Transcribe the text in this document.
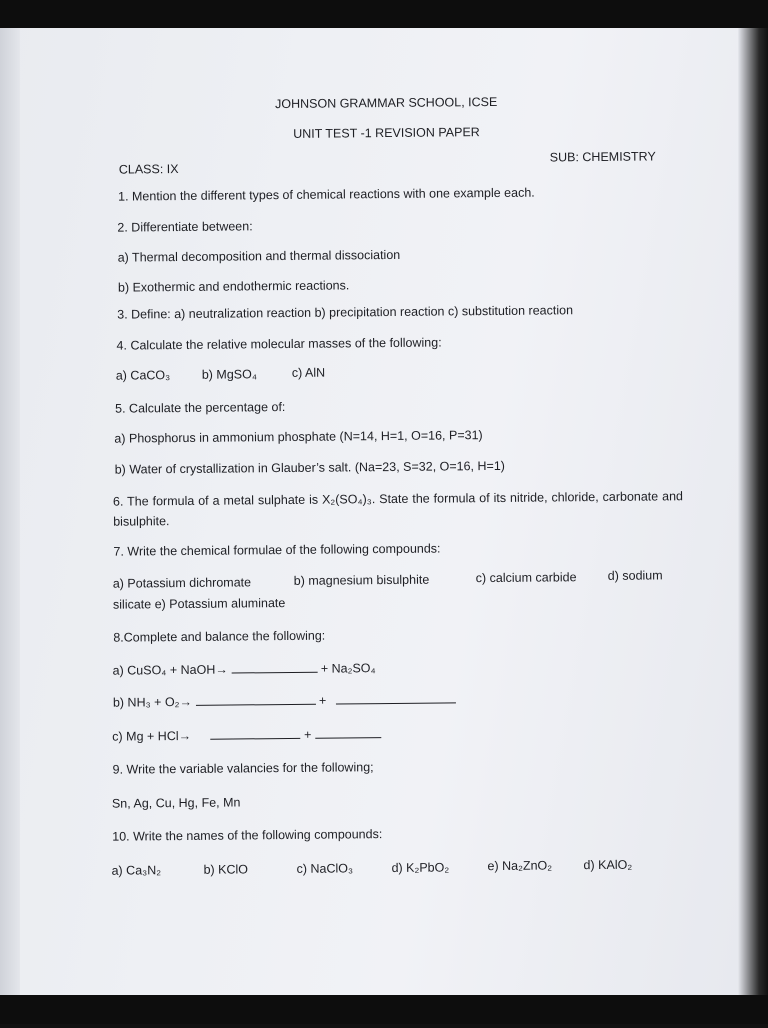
JOHNSON GRAMMAR SCHOOL, ICSE
UNIT TEST -1 REVISION PAPER
CLASS: IX
SUB: CHEMISTRY
1. Mention the different types of chemical reactions with one example each.
2. Differentiate between:
a) Thermal decomposition and thermal dissociation
b) Exothermic and endothermic reactions.
3. Define: a) neutralization reaction b) precipitation reaction c) substitution reaction
4. Calculate the relative molecular masses of the following:
a) CaCO₃	b) MgSO₄	c) AlN
5. Calculate the percentage of:
a) Phosphorus in ammonium phosphate (N=14, H=1, O=16, P=31)
b) Water of crystallization in Glauber’s salt. (Na=23, S=32, O=16, H=1)
6. The formula of a metal sulphate is X₂(SO₄)₃. State the formula of its nitride, chloride, carbonate and bisulphite.
7. Write the chemical formulae of the following compounds:
a) Potassium dichromate	b) magnesium bisulphite	c) calcium carbide d) sodium
silicate e) Potassium aluminate
8.Complete and balance the following:
a) CuSO₄ + NaOH→	+ Na₂SO₄
b) NH₃ + O₂→	+
c) Mg + HCl→	+
9. Write the variable valancies for the following;
Sn, Ag, Cu, Hg, Fe, Mn
10. Write the names of the following compounds:
a) Ca₃N₂	b) KClO	c) NaClO₃	d) K₂PbO₂	e) Na₂ZnO₂	d) KAlO₂
